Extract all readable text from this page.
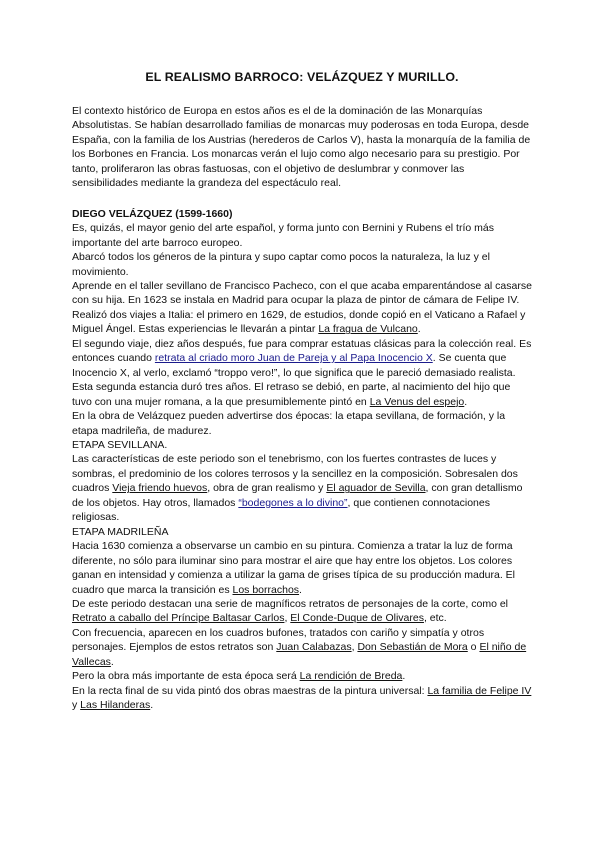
EL REALISMO BARROCO: VELÁZQUEZ Y MURILLO.

El contexto histórico de Europa en estos años es el de la dominación de las Monarquías Absolutistas. Se habían desarrollado familias de monarcas muy poderosas en toda Europa, desde España, con la familia de los Austrias (herederos de Carlos V), hasta la monarquía de la familia de los Borbones en Francia. Los monarcas verán el lujo como algo necesario para su prestigio. Por tanto, proliferaron las obras fastuosas, con el objetivo de deslumbrar y conmover las sensibilidades mediante la grandeza del espectáculo real.

DIEGO VELÁZQUEZ (1599-1660)

Es, quizás, el mayor genio del arte español, y forma junto con Bernini y Rubens el trío más importante del arte barroco europeo.

Abarcó todos los géneros de la pintura y supo captar como pocos la naturaleza, la luz y el movimiento.

Aprende en el taller sevillano de Francisco Pacheco, con el que acaba emparentándose al casarse con su hija. En 1623 se instala en Madrid para ocupar la plaza de pintor de cámara de Felipe IV.

Realizó dos viajes a Italia: el primero en 1629, de estudios, donde copió en el Vaticano a Rafael y Miguel Ángel. Estas experiencias le llevarán a pintar La fragua de Vulcano.

El segundo viaje, diez años después, fue para comprar estatuas clásicas para la colección real. Es entonces cuando retrata al criado moro Juan de Pareja y al Papa Inocencio X. Se cuenta que Inocencio X, al verlo, exclamó “troppo vero!”, lo que significa que le pareció demasiado realista. Esta segunda estancia duró tres años. El retraso se debió, en parte, al nacimiento del hijo que tuvo con una mujer romana, a la que presumiblemente pintó en La Venus del espejo.

En la obra de Velázquez pueden advertirse dos épocas: la etapa sevillana, de formación, y la etapa madrileña, de madurez.

ETAPA SEVILLANA.

Las características de este periodo son el tenebrismo, con los fuertes contrastes de luces y sombras, el predominio de los colores terrosos y la sencillez en la composición. Sobresalen dos cuadros Vieja friendo huevos, obra de gran realismo y El aguador de Sevilla, con gran detallismo de los objetos. Hay otros, llamados “bodegones a lo divino”, que contienen connotaciones religiosas.

ETAPA MADRILEÑA

Hacia 1630 comienza a observarse un cambio en su pintura. Comienza a tratar la luz de forma diferente, no sólo para iluminar sino para mostrar el aire que hay entre los objetos. Los colores ganan en intensidad y comienza a utilizar la gama de grises típica de su producción madura. El cuadro que marca la transición es Los borrachos.

De este periodo destacan una serie de magníficos retratos de personajes de la corte, como el Retrato a caballo del Príncipe Baltasar Carlos, El Conde-Duque de Olivares, etc.

Con frecuencia, aparecen en los cuadros bufones, tratados con cariño y simpatía y otros personajes. Ejemplos de estos retratos son Juan Calabazas, Don Sebastián de Mora o El niño de Vallecas.

Pero la obra más importante de esta época será La rendición de Breda.

En la recta final de su vida pintó dos obras maestras de la pintura universal: La familia de Felipe IV y Las Hilanderas.
